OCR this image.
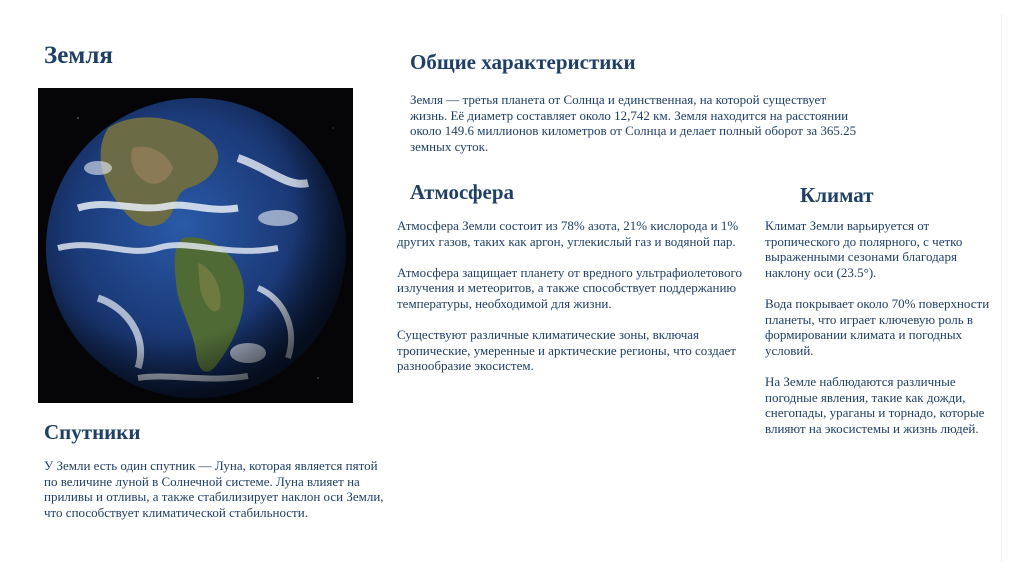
Земля	Общие характеристики

Земля — третья планета от Солнца и единственная, на которой существует жизнь. Её диаметр составляет около 12,742 км. Земля находится на расстоянии около 149.6 миллионов километров от Солнца и делает полный оборот за 365.25 земных суток.

Атмосфера

Атмосфера Земли состоит из 78% азота, 21% кислорода и 1% других газов, таких как аргон, углекислый газ и водяной пар.

Атмосфера защищает планету от вредного ультрафиолетового излучения и метеоритов, а также способствует поддержанию температуры, необходимой для жизни.

Существуют различные климатические зоны, включая тропические, умеренные и арктические регионы, что создает разнообразие экосистем.

Климат

Климат Земли варьируется от тропического до полярного, с четко выраженными сезонами благодаря наклону оси (23.5°).

Вода покрывает около 70% поверхности планеты, что играет ключевую роль в формировании климата и погодных условий.

На Земле наблюдаются различные погодные явления, такие как дожди, снегопады, ураганы и торнадо, которые влияют на экосистемы и жизнь людей.

Спутники

У Земли есть один спутник — Луна, которая является пятой по величине луной в Солнечной системе. Луна влияет на приливы и отливы, а также стабилизирует наклон оси Земли, что способствует климатической стабильности.
